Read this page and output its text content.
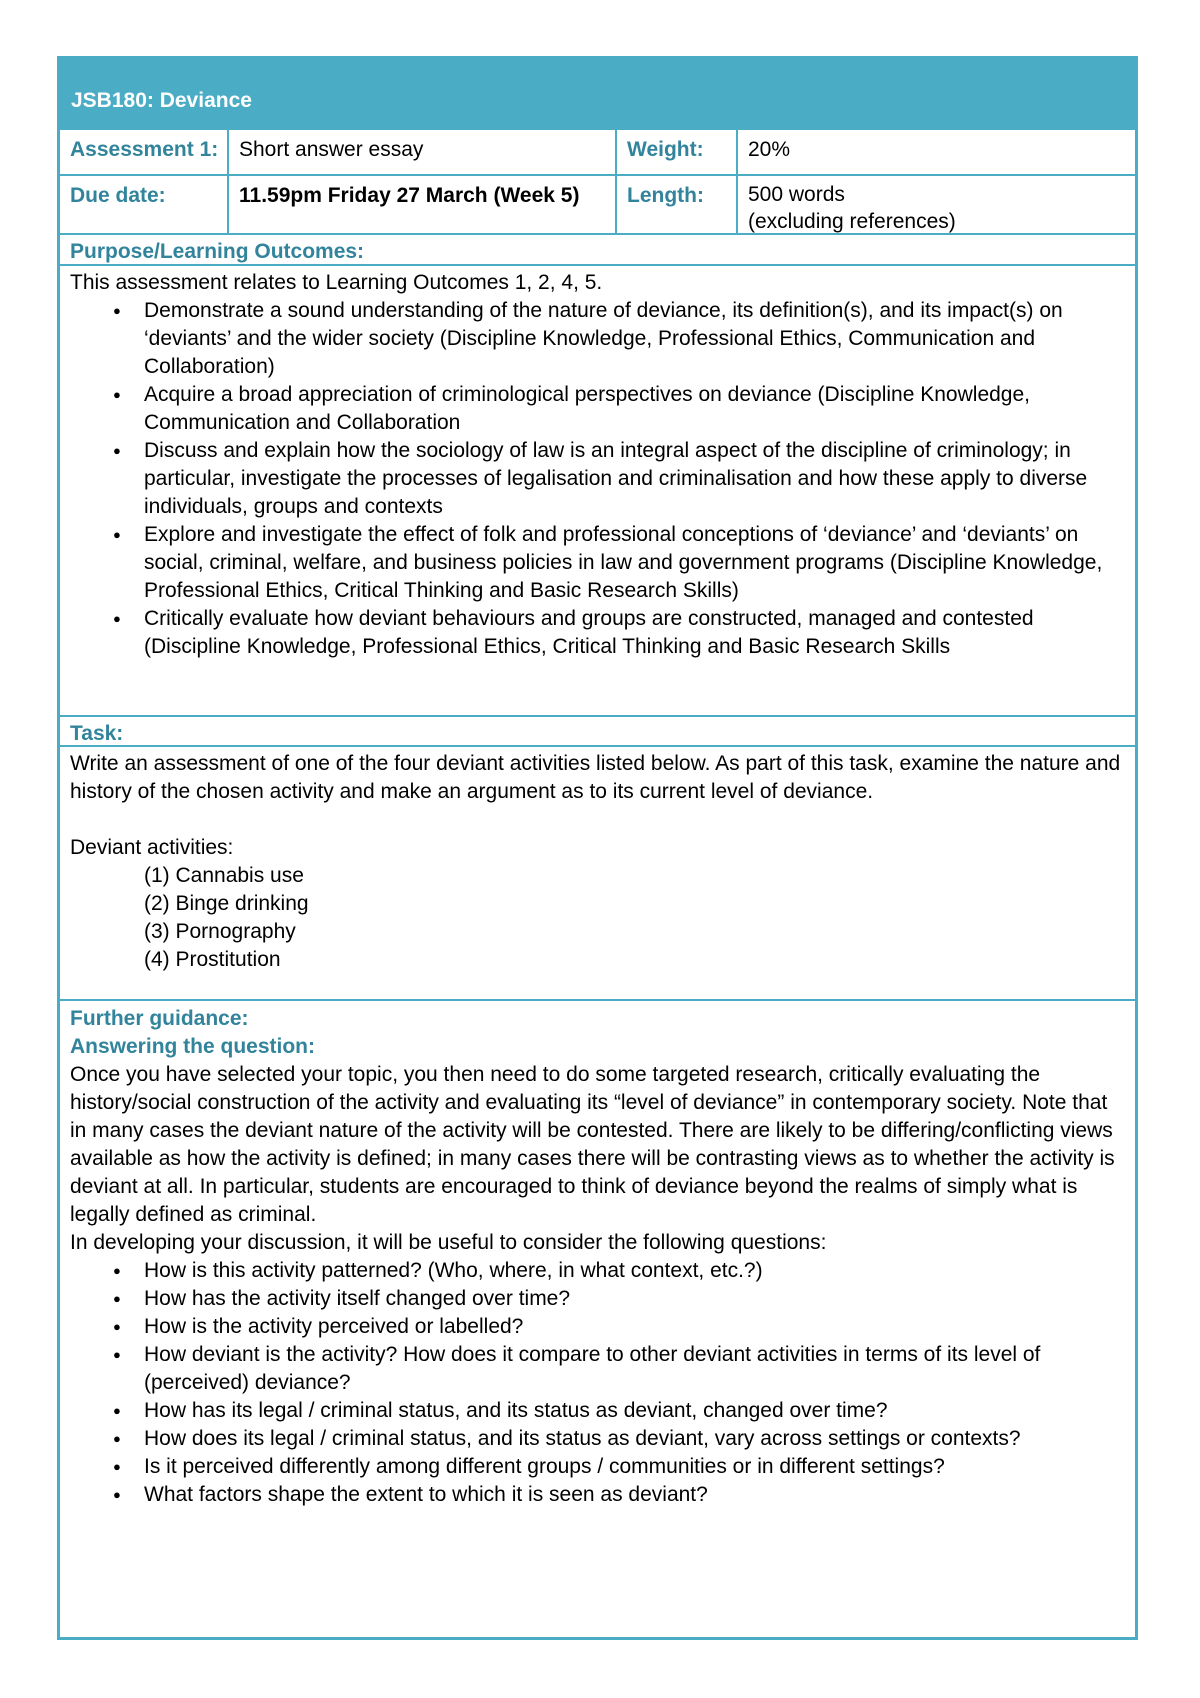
JSB180: Deviance
Assessment 1: Short answer essay	Weight:	20%
Due date:	11.59pm Friday 27 March (Week 5)	Length:	500 words
(excluding references)
Purpose/Learning Outcomes:

This assessment relates to Learning Outcomes 1, 2, 4, 5.

● Demonstrate a sound understanding of the nature of deviance, its definition(s), and its impact(s) on ‘deviants’ and the wider society (Discipline Knowledge, Professional Ethics, Communication and Collaboration)
● Acquire a broad appreciation of criminological perspectives on deviance (Discipline Knowledge, Communication and Collaboration
● Discuss and explain how the sociology of law is an integral aspect of the discipline of criminology; in particular, investigate the processes of legalisation and criminalisation and how these apply to diverse individuals, groups and contexts
● Explore and investigate the effect of folk and professional conceptions of ‘deviance’ and ‘deviants’ on social, criminal, welfare, and business policies in law and government programs (Discipline Knowledge, Professional Ethics, Critical Thinking and Basic Research Skills)
● Critically evaluate how deviant behaviours and groups are constructed, managed and contested (Discipline Knowledge, Professional Ethics, Critical Thinking and Basic Research Skills
Task:

Write an assessment of one of the four deviant activities listed below. As part of this task, examine the nature and history of the chosen activity and make an argument as to its current level of deviance.

Deviant activities:

(1) Cannabis use
(2) Binge drinking
(3) Pornography
(4) Prostitution
Further guidance:
Answering the question:

Once you have selected your topic, you then need to do some targeted research, critically evaluating the history/social construction of the activity and evaluating its “level of deviance” in contemporary society. Note that in many cases the deviant nature of the activity will be contested. There are likely to be differing/conflicting views available as how the activity is defined; in many cases there will be contrasting views as to whether the activity is deviant at all. In particular, students are encouraged to think of deviance beyond the realms of simply what is legally defined as criminal.

In developing your discussion, it will be useful to consider the following questions:

● How is this activity patterned? (Who, where, in what context, etc.?)
● How has the activity itself changed over time?
● How is the activity perceived or labelled?
● How deviant is the activity? How does it compare to other deviant activities in terms of its level of (perceived) deviance?
● How has its legal / criminal status, and its status as deviant, changed over time?
● How does its legal / criminal status, and its status as deviant, vary across settings or contexts?
● Is it perceived differently among different groups / communities or in different settings?
● What factors shape the extent to which it is seen as deviant?
